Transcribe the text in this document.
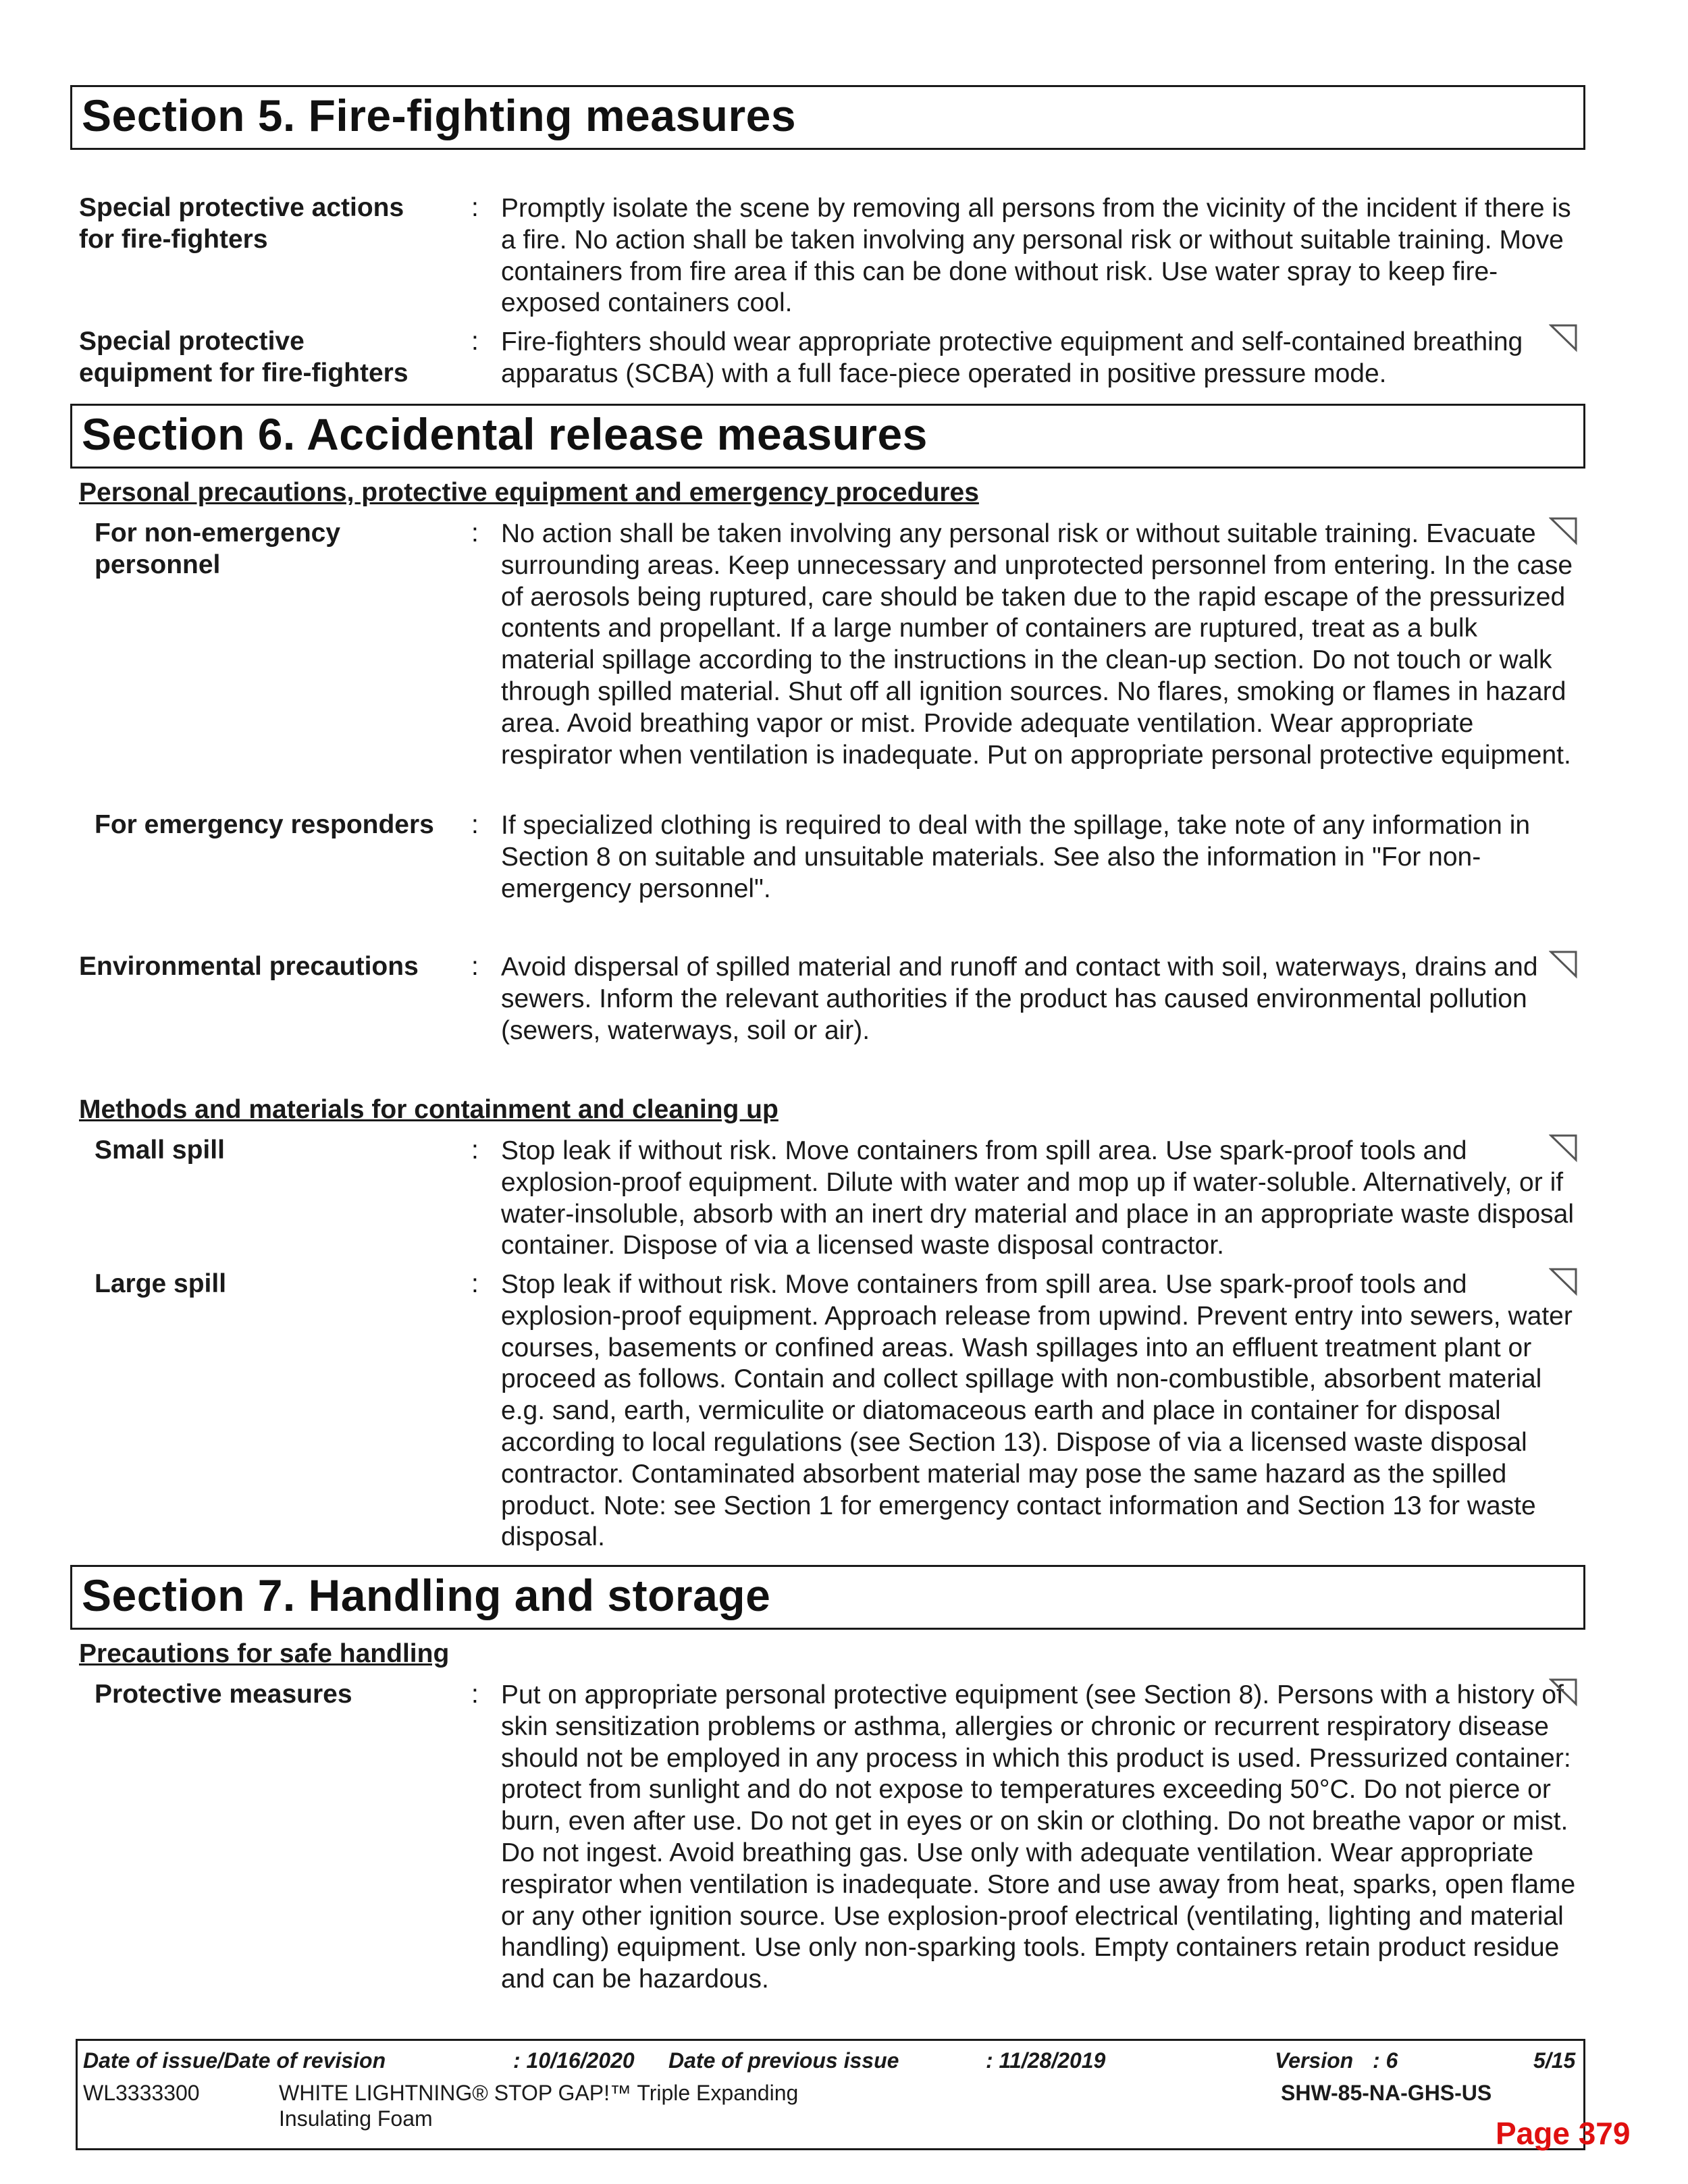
Section 5. Fire-fighting measures
Special protective actions
for fire-fighters
: Promptly isolate the scene by removing all persons from the vicinity of the incident if there is a fire. No action shall be taken involving any personal risk or without suitable training. Move containers from fire area if this can be done without risk. Use water spray to keep fire-exposed containers cool.
Special protective
equipment for fire-fighters
: Fire-fighters should wear appropriate protective equipment and self-contained breathing apparatus (SCBA) with a full face-piece operated in positive pressure mode.
Section 6. Accidental release measures
Personal precautions, protective equipment and emergency procedures
For non-emergency
personnel
: No action shall be taken involving any personal risk or without suitable training. Evacuate surrounding areas. Keep unnecessary and unprotected personnel from entering. In the case of aerosols being ruptured, care should be taken due to the rapid escape of the pressurized contents and propellant. If a large number of containers are ruptured, treat as a bulk material spillage according to the instructions in the clean-up section. Do not touch or walk through spilled material. Shut off all ignition sources. No flares, smoking or flames in hazard area. Avoid breathing vapor or mist. Provide adequate ventilation. Wear appropriate respirator when ventilation is inadequate. Put on appropriate personal protective equipment.
For emergency responders : If specialized clothing is required to deal with the spillage, take note of any information in Section 8 on suitable and unsuitable materials. See also the information in "For non-emergency personnel".
Environmental precautions : Avoid dispersal of spilled material and runoff and contact with soil, waterways, drains and sewers. Inform the relevant authorities if the product has caused environmental pollution (sewers, waterways, soil or air).
Methods and materials for containment and cleaning up
Small spill	: Stop leak if without risk. Move containers from spill area. Use spark-proof tools and explosion-proof equipment. Dilute with water and mop up if water-soluble. Alternatively, or if water-insoluble, absorb with an inert dry material and place in an appropriate waste disposal container. Dispose of via a licensed waste disposal contractor.
Large spill	: Stop leak if without risk. Move containers from spill area. Use spark-proof tools and explosion-proof equipment. Approach release from upwind. Prevent entry into sewers, water courses, basements or confined areas. Wash spillages into an effluent treatment plant or proceed as follows. Contain and collect spillage with non-combustible, absorbent material e.g. sand, earth, vermiculite or diatomaceous earth and place in container for disposal according to local regulations (see Section 13). Dispose of via a licensed waste disposal contractor. Contaminated absorbent material may pose the same hazard as the spilled product. Note: see Section 1 for emergency contact information and Section 13 for waste disposal.
Section 7. Handling and storage
Precautions for safe handling
Protective measures	: Put on appropriate personal protective equipment (see Section 8). Persons with a history of skin sensitization problems or asthma, allergies or chronic or recurrent respiratory disease should not be employed in any process in which this product is used. Pressurized container: protect from sunlight and do not expose to temperatures exceeding 50°C. Do not pierce or burn, even after use. Do not get in eyes or on skin or clothing. Do not breathe vapor or mist. Do not ingest. Avoid breathing gas. Use only with adequate ventilation. Wear appropriate respirator when ventilation is inadequate. Store and use away from heat, sparks, open flame or any other ignition source. Use explosion-proof electrical (ventilating, lighting and material handling) equipment. Use only non-sparking tools. Empty containers retain product residue and can be hazardous.
Date of issue/Date of revision	: 10/16/2020 Date of previous issue	: 11/28/2019	Version : 6	5/15
WL3333300	WHITE LIGHTNING® STOP GAP!™ Triple Expanding
Insulating Foam
SHW-85-NA-GHS-US
Page 379
